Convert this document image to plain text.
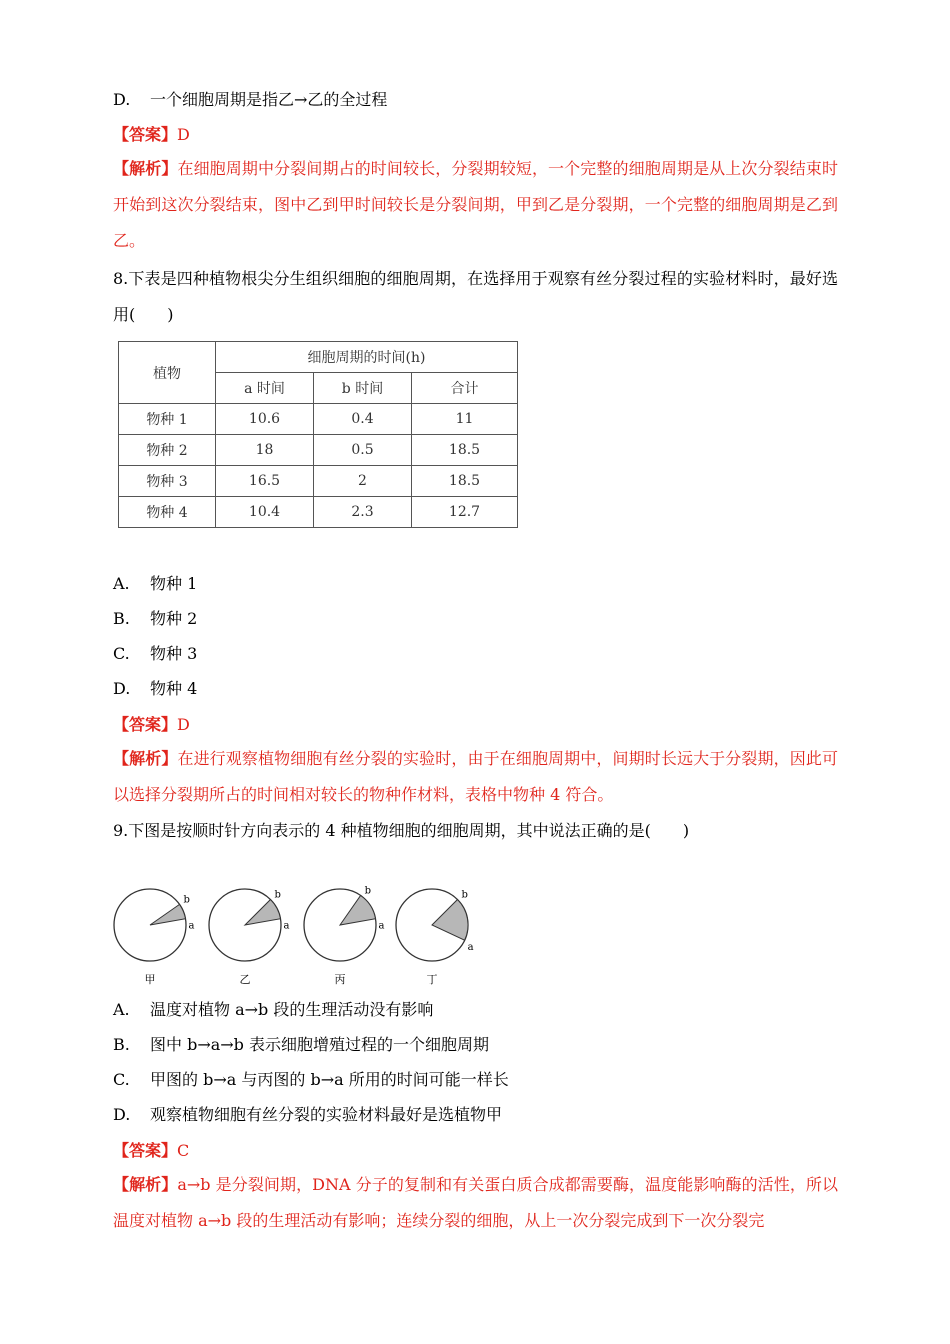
D. 一个细胞周期是指乙→乙的全过程
【答案】D
【解析】在细胞周期中分裂间期占的时间较长，分裂期较短，一个完整的细胞周期是从上次分裂结束时开始到这次分裂结束，图中乙到甲时间较长是分裂间期，甲到乙是分裂期，一个完整的细胞周期是乙到乙。
8.下表是四种植物根尖分生组织细胞的细胞周期，在选择用于观察有丝分裂过程的实验材料时，最好选用(　　)
植物	细胞周期的时间(h)		
	a 时间	b 时间	合计
物种 1	10.6	0.4	11
物种 2	18	0.5	18.5
物种 3	16.5	2	18.5
物种 4	10.4	2.3	12.7
A. 物种 1
B. 物种 2
C. 物种 3
D. 物种 4
【答案】D
【解析】在进行观察植物细胞有丝分裂的实验时，由于在细胞周期中，间期时长远大于分裂期，因此可以选择分裂期所占的时间相对较长的物种作材料，表格中物种 4 符合。
9.下图是按顺时针方向表示的 4 种植物细胞的细胞周期，其中说法正确的是(　　)
b
a
甲
b
a
乙
b
a
丙
b
a
丁
A. 温度对植物 a→b 段的生理活动没有影响
B. 图中 b→a→b 表示细胞增殖过程的一个细胞周期
C. 甲图的 b→a 与丙图的 b→a 所用的时间可能一样长
D. 观察植物细胞有丝分裂的实验材料最好是选植物甲
【答案】C
【解析】a→b 是分裂间期，DNA 分子的复制和有关蛋白质合成都需要酶，温度能影响酶的活性，所以温度对植物 a→b 段的生理活动有影响；连续分裂的细胞，从上一次分裂完成到下一次分裂完
